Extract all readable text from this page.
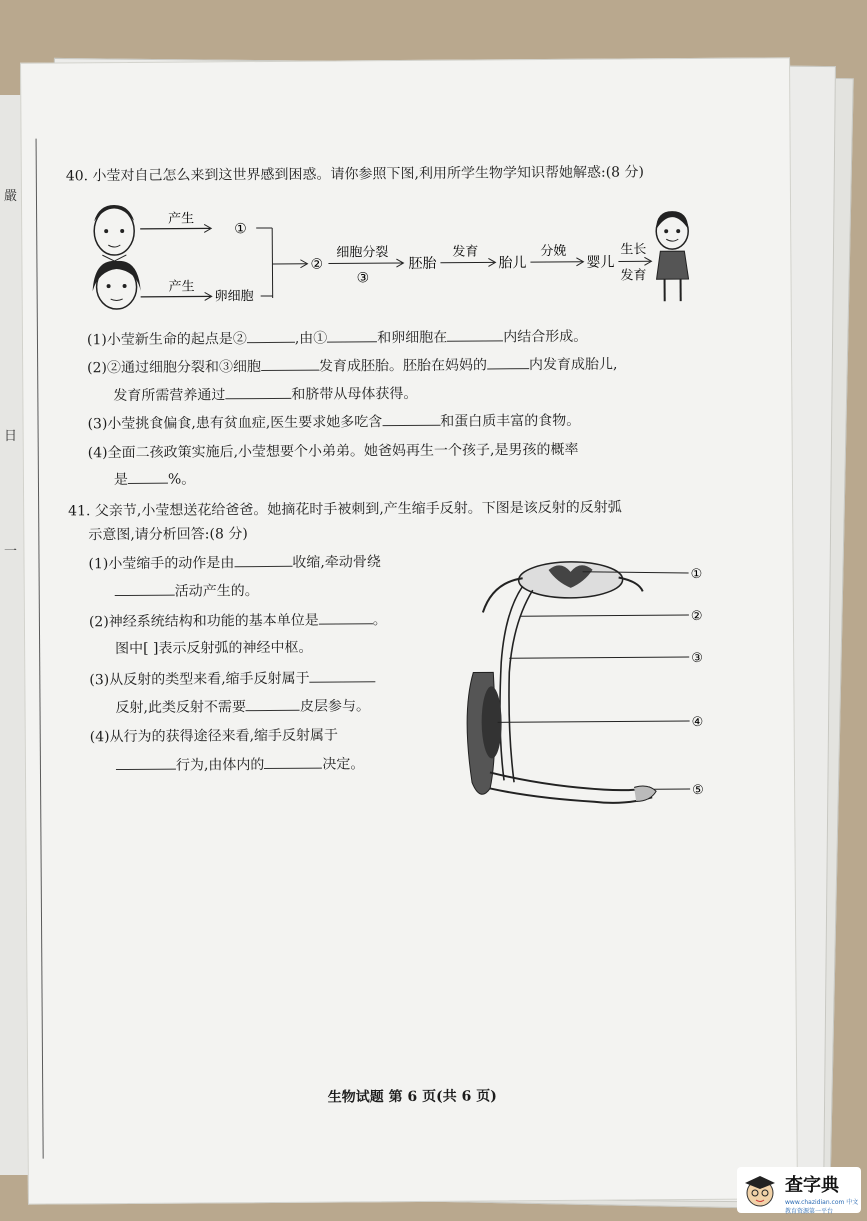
嚴
日
一
40. 小莹对自己怎么来到这世界感到困惑。请你参照下图,利用所学生物学知识帮她解惑:(8 分)
产生
①
产生
卵细胞
②
细胞分裂
③
胚胎
发育
胎儿
分娩
婴儿
生长
发育
(1)小莹新生命的起点是②	,由①	和卵细胞在	内结合形成。
(2)②通过细胞分裂和③细胞	发育成胚胎。胚胎在妈妈的	内发育成胎儿,
发育所需营养通过	和脐带从母体获得。
(3)小莹挑食偏食,患有贫血症,医生要求她多吃含	和蛋白质丰富的食物。
(4)全面二孩政策实施后,小莹想要个小弟弟。她爸妈再生一个孩子,是男孩的概率
是	%。
41. 父亲节,小莹想送花给爸爸。她摘花时手被刺到,产生缩手反射。下图是该反射的反射弧
示意图,请分析回答:(8 分)
(1)小莹缩手的动作是由	收缩,牵动骨绕
活动产生的。
(2)神经系统结构和功能的基本单位是	。
图中[ ]表示反射弧的神经中枢。
(3)从反射的类型来看,缩手反射属于
反射,此类反射不需要	皮层参与。
(4)从行为的获得途径来看,缩手反射属于
行为,由体内的	决定。
①
②
③
④
⑤
生物试题 第 6 页(共 6 页)
查字典
www.chazidian.com 中文教育资源第一平台
